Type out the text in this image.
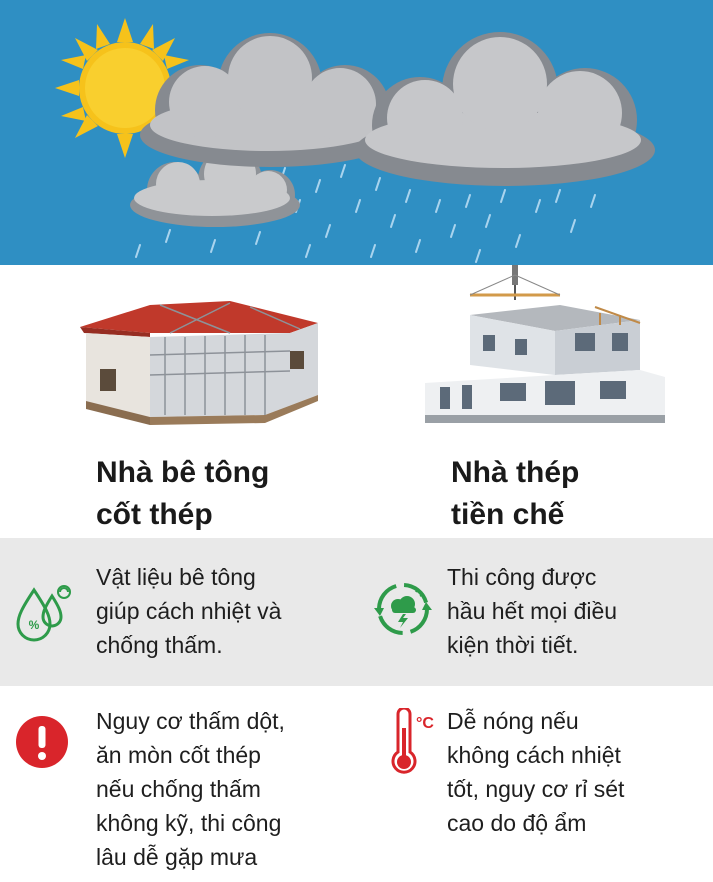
Nhà bê tông
cốt thép
Nhà thép
tiền chế
%
Vật liệu bê tông
giúp cách nhiệt và
chống thấm.
Thi công được
hầu hết mọi điều
kiện thời tiết.
Nguy cơ thấm dột,
ăn mòn cốt thép
nếu chống thấm
không kỹ, thi công
lâu dễ gặp mưa
°C Dễ nóng nếu
không cách nhiệt
tốt, nguy cơ rỉ sét
cao do độ ẩm
